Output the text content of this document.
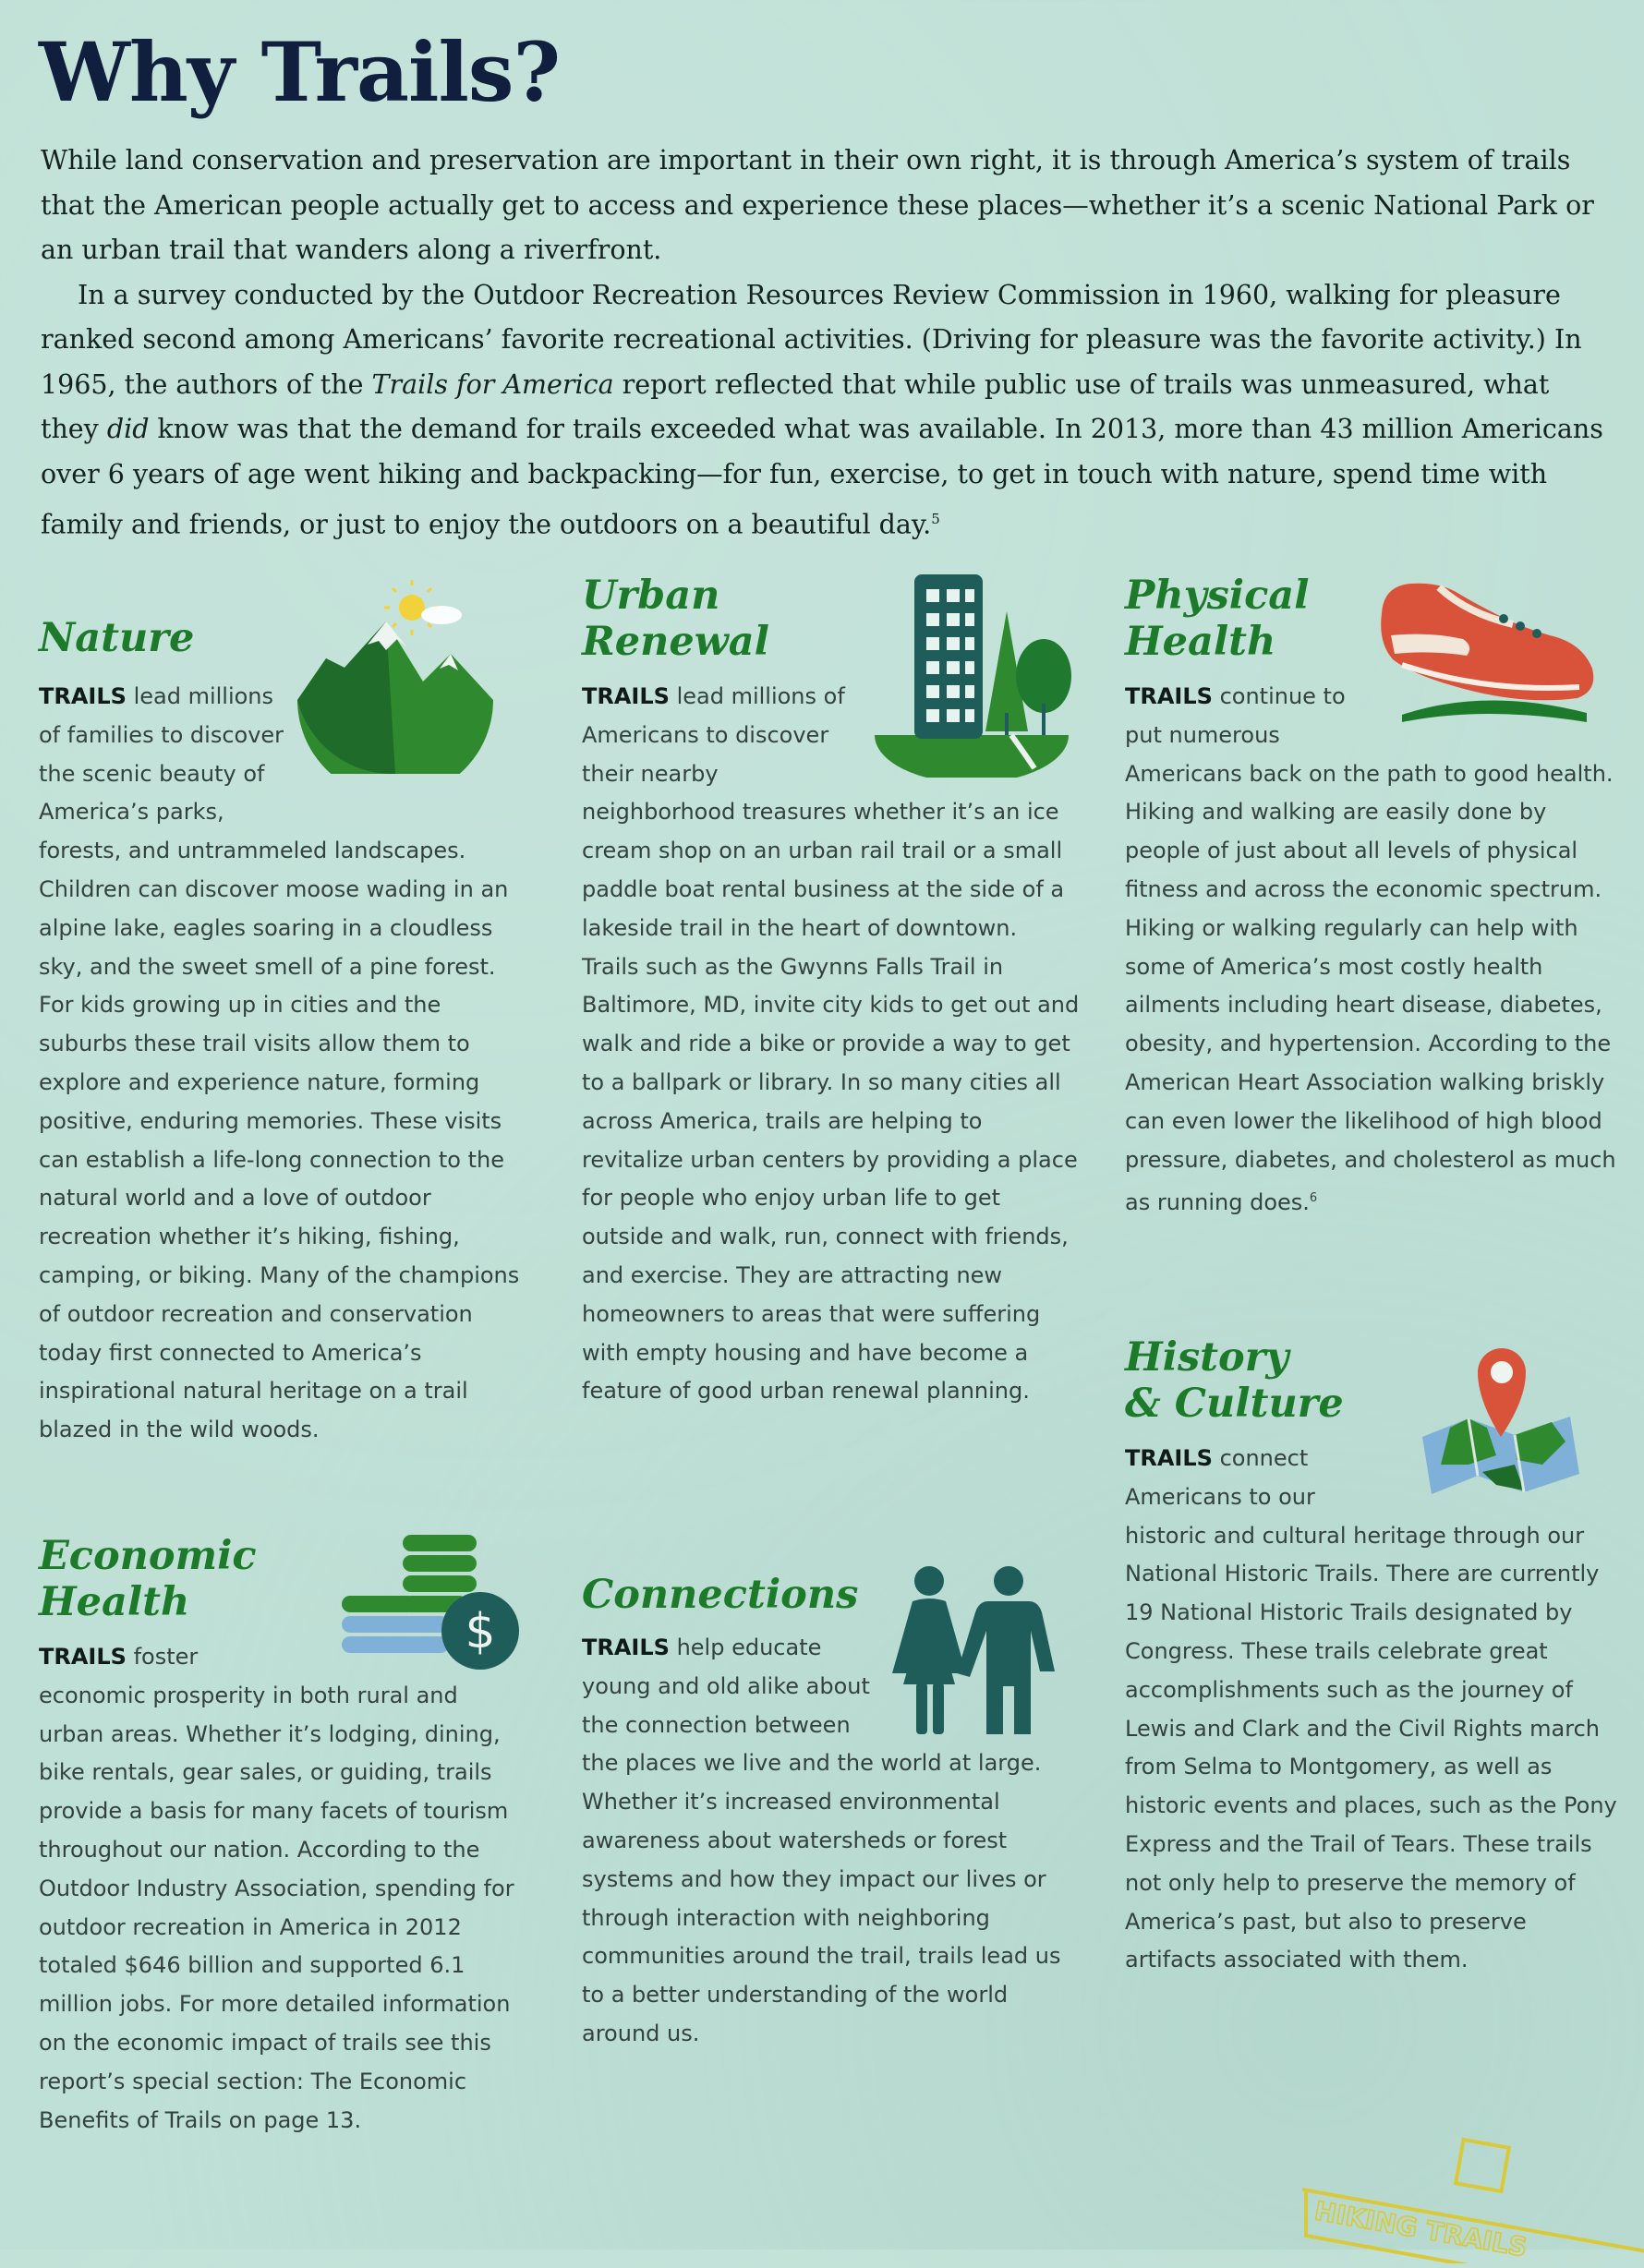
Why Trails?

While land conservation and preservation are important in their own right, it is through America’s system of trails that the American people actually get to access and experience these places—whether it’s a scenic National Park or an urban trail that wanders along a riverfront.

In a survey conducted by the Outdoor Recreation Resources Review Commission in 1960, walking for pleasure ranked second among Americans’ favorite recreational activities. (Driving for pleasure was the favorite activity.) In 1965, the authors of the Trails for America report reflected that while public use of trails was unmeasured, what they did know was that the demand for trails exceeded what was available. In 2013, more than 43 million Americans over 6 years of age went hiking and backpacking—for fun, exercise, to get in touch with nature, spend time with family and friends, or just to enjoy the outdoors on a beautiful day.$^5$

Nature
TRAILS lead millions of families to discover the scenic beauty of America’s parks, forests, and untrammeled landscapes. Children can discover moose wading in an alpine lake, eagles soaring in a cloudless sky, and the sweet smell of a pine forest. For kids growing up in cities and the suburbs these trail visits allow them to explore and experience nature, forming positive, enduring memories. These visits can establish a life-long connection to the natural world and a love of outdoor recreation whether it’s hiking, fishing, camping, or biking. Many of the champions of outdoor recreation and conservation today first connected to America’s inspirational natural heritage on a trail blazed in the wild woods.
Urban
Renewal
TRAILS lead millions of Americans to discover their nearby neighborhood treasures whether it’s an ice cream shop on an urban rail trail or a small paddle boat rental business at the side of a lakeside trail in the heart of downtown. Trails such as the Gwynns Falls Trail in Baltimore, MD, invite city kids to get out and walk and ride a bike or provide a way to get to a ballpark or library. In so many cities all across America, trails are helping to revitalize urban centers by providing a place for people who enjoy urban life to get outside and walk, run, connect with friends, and exercise. They are attracting new homeowners to areas that were suffering with empty housing and have become a feature of good urban renewal planning.
Physical
Health
TRAILS continue to put numerous Americans back on the path to good health. Hiking and walking are easily done by people of just about all levels of physical fitness and across the economic spectrum. Hiking or walking regularly can help with some of America’s most costly health ailments including heart disease, diabetes, obesity, and hypertension. According to the American Heart Association walking briskly can even lower the likelihood of high blood pressure, diabetes, and cholesterol as much as running does.$^6$
History
& Culture
TRAILS connect Americans to our historic and cultural heritage through our National Historic Trails. There are currently 19 National Historic Trails designated by Congress. These trails celebrate great accomplishments such as the journey of Lewis and Clark and the Civil Rights march from Selma to Montgomery, as well as historic events and places, such as the Pony Express and the Trail of Tears. These trails not only help to preserve the memory of America’s past, but also to preserve artifacts associated with them.
Economic
Health
TRAILS foster economic prosperity in both rural and urban areas. Whether it’s lodging, dining, bike rentals, gear sales, or guiding, trails provide a basis for many facets of tourism throughout our nation. According to the Outdoor Industry Association, spending for outdoor recreation in America in 2012 totaled $646 billion and supported 6.1 million jobs. For more detailed information on the economic impact of trails see this report’s special section: The Economic Benefits of Trails on page 13.
$
Connections
TRAILS help educate young and old alike about the connection between the places we live and the world at large. Whether it’s increased environmental awareness about watersheds or forest systems and how they impact our lives or through interaction with neighboring communities around the trail, trails lead us to a better understanding of the world around us.
HIKING TRAILS
